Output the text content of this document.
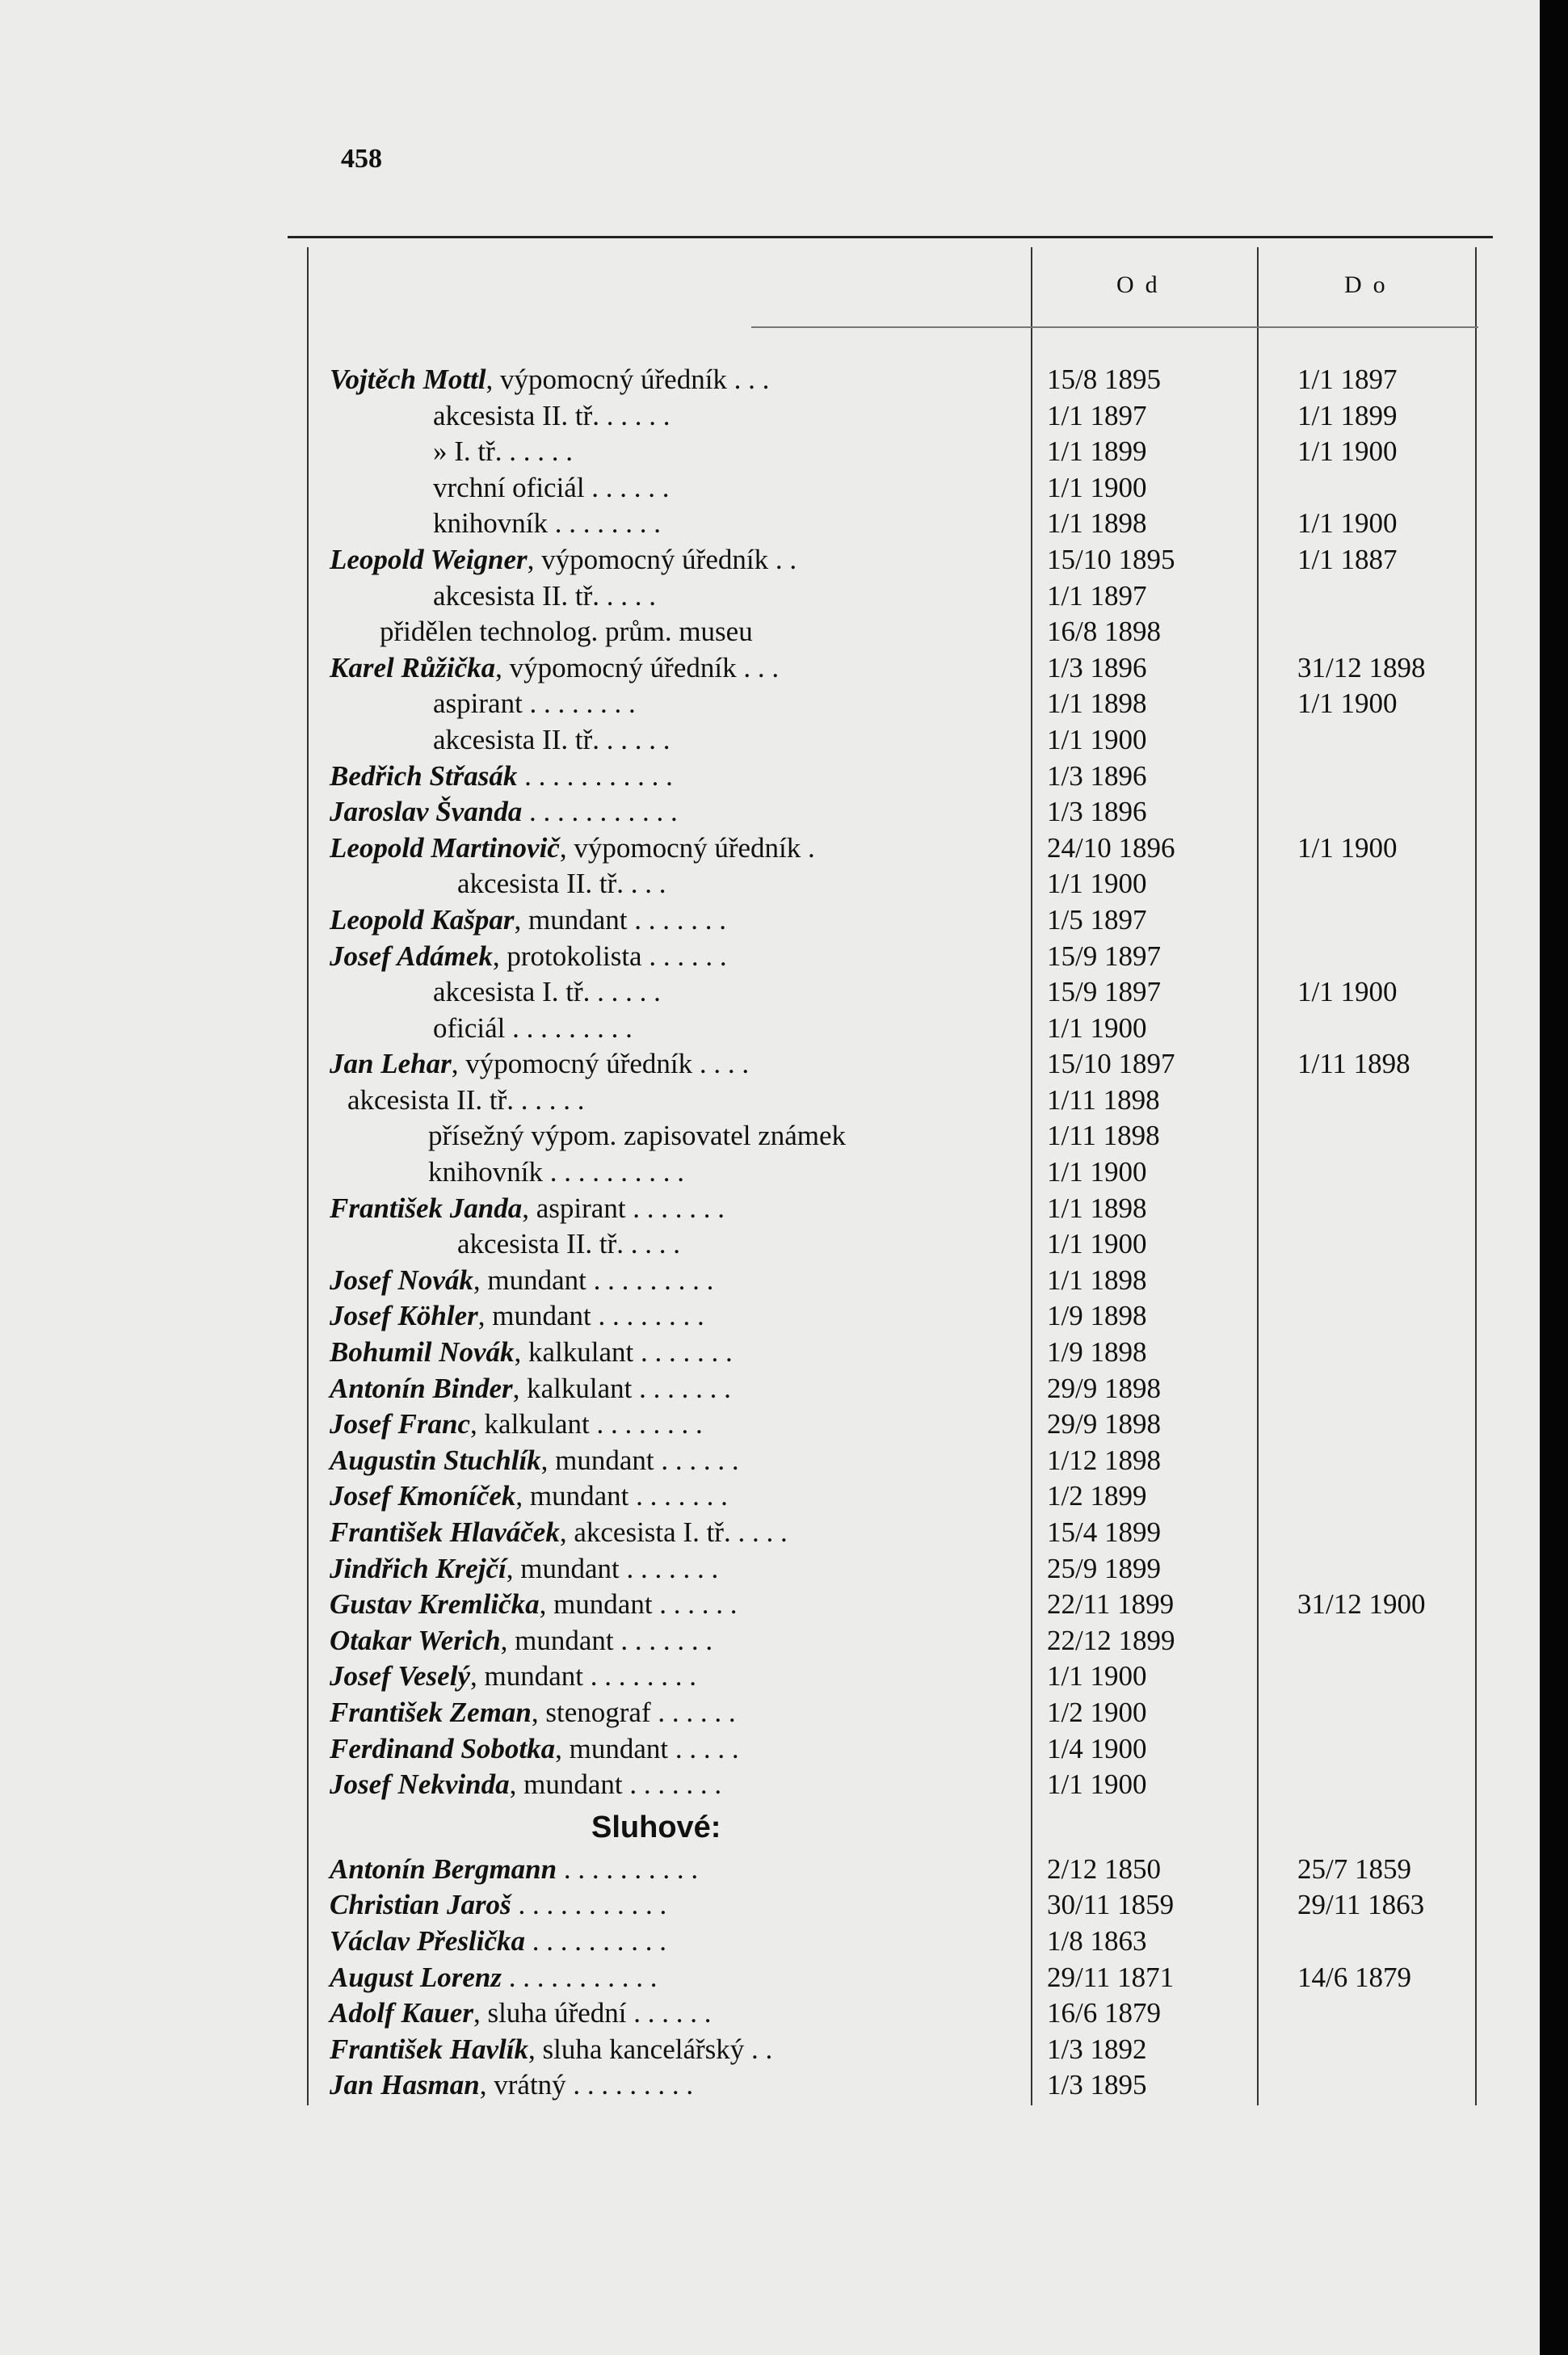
458
Od	Do
Vojtěch Mottl, výpomocný úředník . . .	15/8 1895	1/1 1897
akcesista II. tř. . . . . .	1/1 1897	1/1 1899
» I. tř. . . . . .	1/1 1899	1/1 1900
vrchní oficiál . . . . . .	1/1 1900
knihovník . . . . . . . .	1/1 1898	1/1 1900
Leopold Weigner, výpomocný úředník . .	15/10 1895	1/1 1887
akcesista II. tř. . . . .	1/1 1897
přidělen technolog. prům. museu	16/8 1898
Karel Růžička, výpomocný úředník . . .	1/3 1896	31/12 1898
aspirant . . . . . . . .	1/1 1898	1/1 1900
akcesista II. tř. . . . . .	1/1 1900
Bedřich Střasák . . . . . . . . . . .	1/3 1896
Jaroslav Švanda . . . . . . . . . . .	1/3 1896
Leopold Martinovič, výpomocný úředník .	24/10 1896	1/1 1900
akcesista II. tř. . . .	1/1 1900
Leopold Kašpar, mundant . . . . . . .	1/5 1897
Josef Adámek, protokolista . . . . . .	15/9 1897
akcesista I. tř. . . . . .	15/9 1897	1/1 1900
oficiál . . . . . . . . .	1/1 1900
Jan Lehar, výpomocný úředník . . . .	15/10 1897	1/11 1898
akcesista II. tř. . . . . .	1/11 1898
přísežný výpom. zapisovatel známek	1/11 1898
knihovník . . . . . . . . . .	1/1 1900
František Janda, aspirant . . . . . . .	1/1 1898
akcesista II. tř. . . . .	1/1 1900
Josef Novák, mundant . . . . . . . . .	1/1 1898
Josef Köhler, mundant . . . . . . . .	1/9 1898
Bohumil Novák, kalkulant . . . . . . .	1/9 1898
Antonín Binder, kalkulant . . . . . . .	29/9 1898
Josef Franc, kalkulant . . . . . . . .	29/9 1898
Augustin Stuchlík, mundant . . . . . .	1/12 1898
Josef Kmoníček, mundant . . . . . . .	1/2 1899
František Hlaváček, akcesista I. tř. . . . .	15/4 1899
Jindřich Krejčí, mundant . . . . . . .	25/9 1899
Gustav Kremlička, mundant . . . . . .	22/11 1899	31/12 1900
Otakar Werich, mundant . . . . . . .	22/12 1899
Josef Veselý, mundant . . . . . . . .	1/1 1900
František Zeman, stenograf . . . . . .	1/2 1900
Ferdinand Sobotka, mundant . . . . .	1/4 1900
Josef Nekvinda, mundant . . . . . . .	1/1 1900
Sluhové:
Antonín Bergmann . . . . . . . . . .	2/12 1850	25/7 1859
Christian Jaroš . . . . . . . . . . .	30/11 1859	29/11 1863
Václav Přeslička . . . . . . . . . .	1/8 1863
August Lorenz . . . . . . . . . . .	29/11 1871	14/6 1879
Adolf Kauer, sluha úřední . . . . . .	16/6 1879
František Havlík, sluha kancelářský . .	1/3 1892
Jan Hasman, vrátný . . . . . . . . .	1/3 1895
